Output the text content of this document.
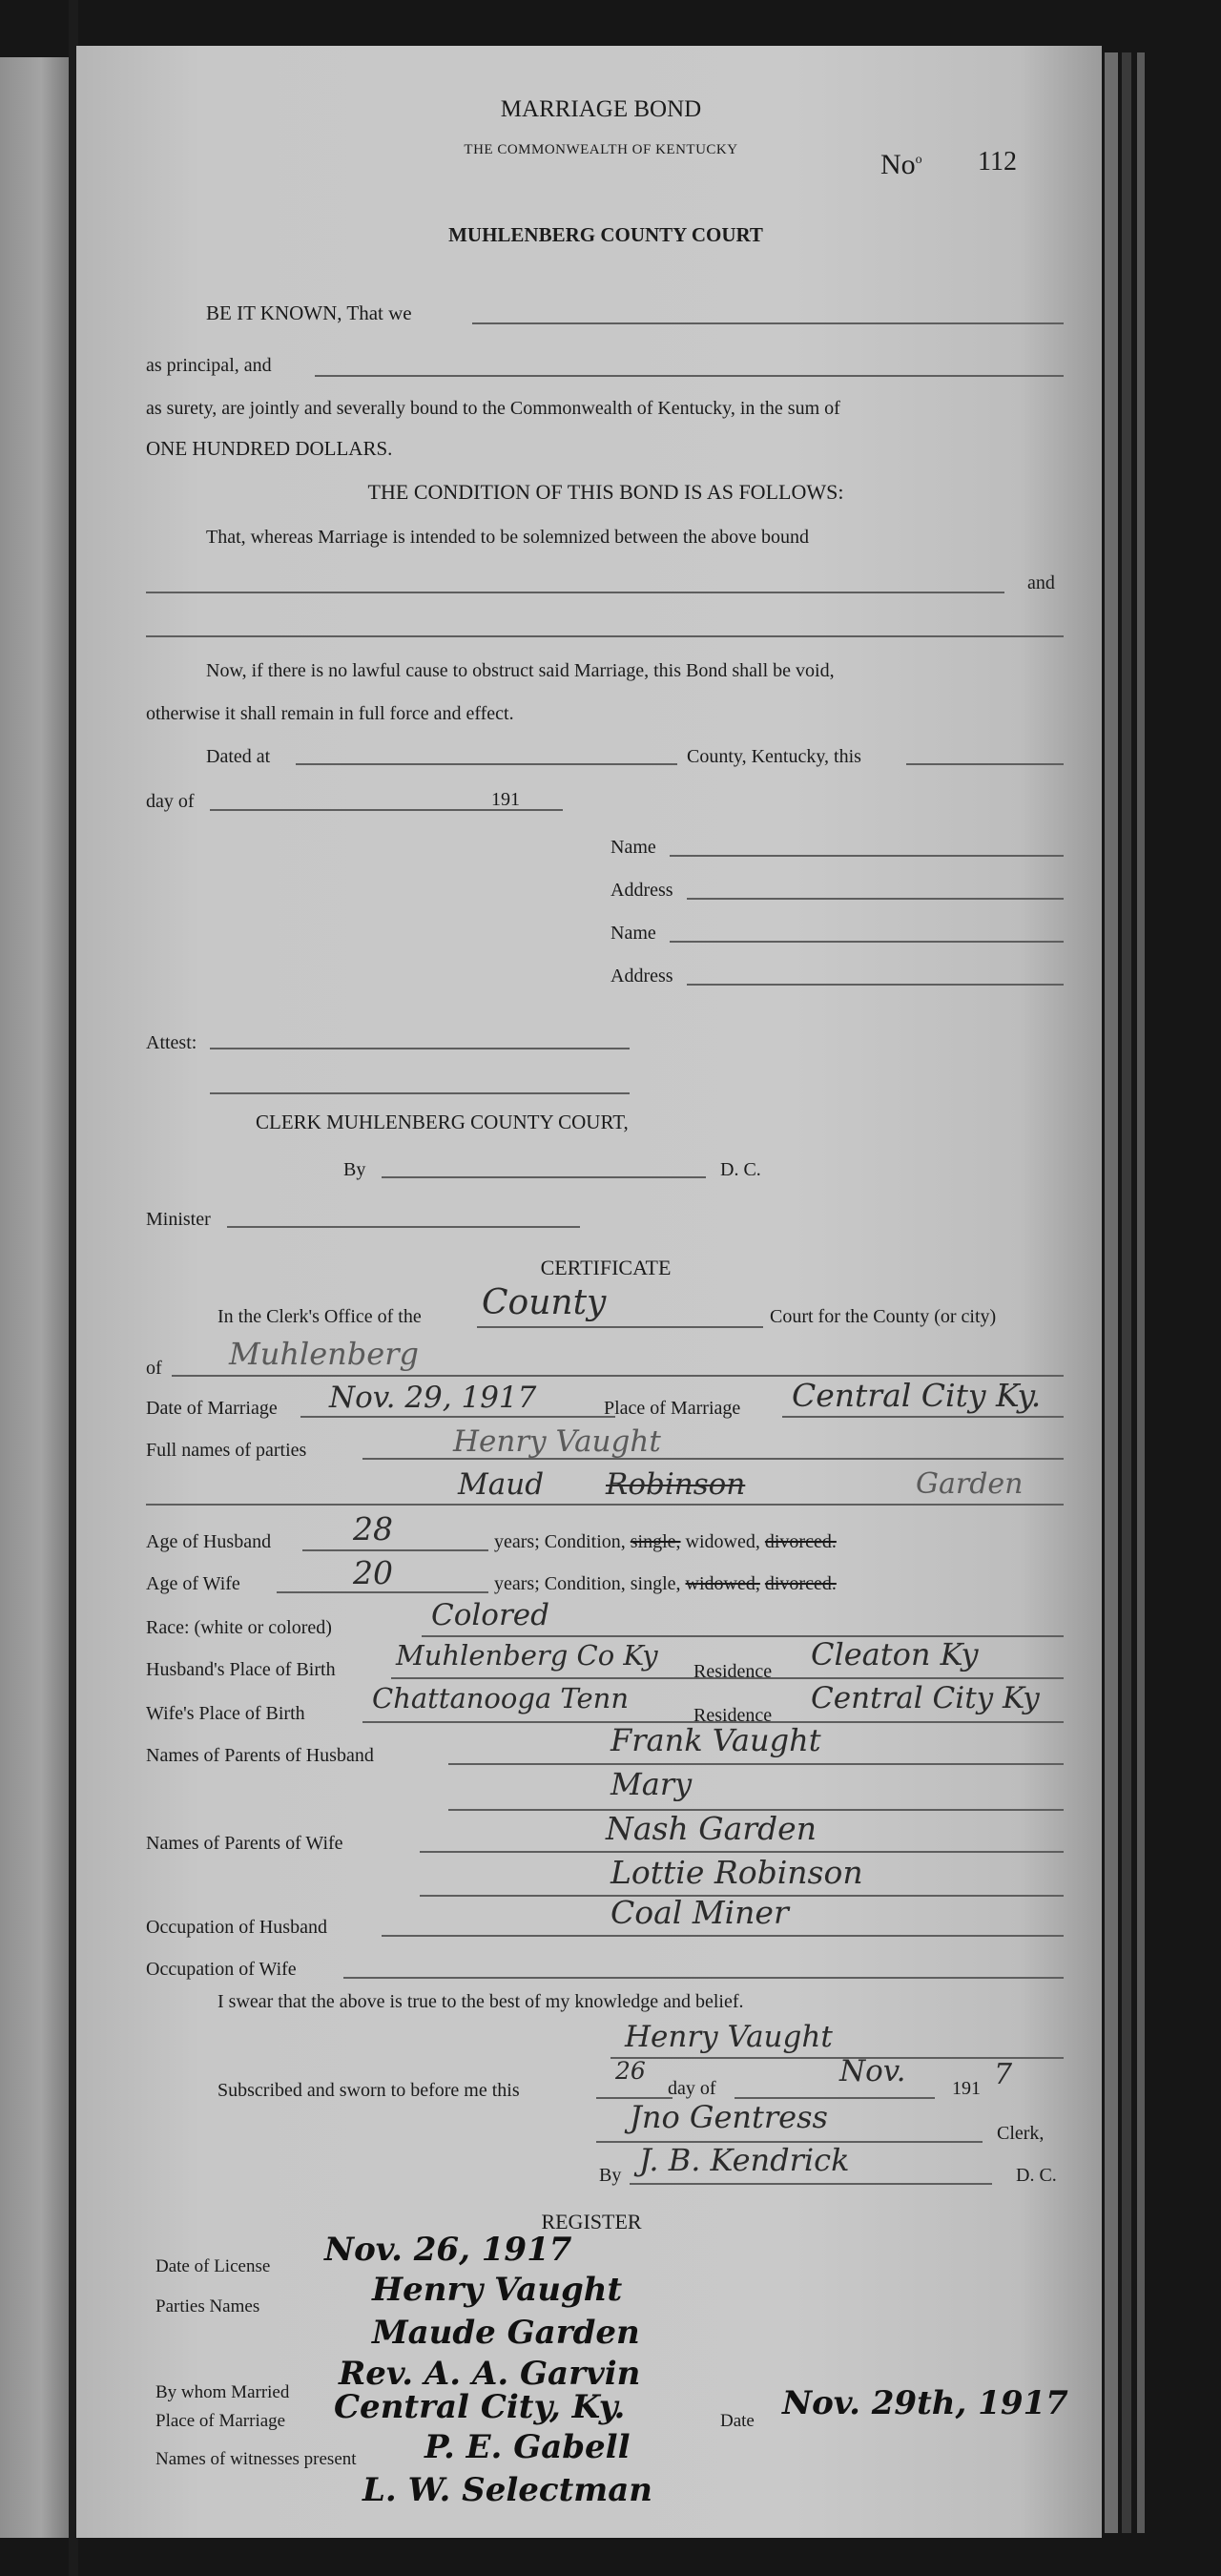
MARRIAGE BOND
THE COMMONWEALTH OF KENTUCKY	No$^o$ 112
MUHLENBERG COUNTY COURT
BE IT KNOWN, That we
as principal, and
as surety, are jointly and severally bound to the Commonwealth of Kentucky, in the sum of
ONE HUNDRED DOLLARS.
THE CONDITION OF THIS BOND IS AS FOLLOWS:
That, whereas Marriage is intended to be solemnized between the above bound
and
Now, if there is no lawful cause to obstruct said Marriage, this Bond shall be void,
otherwise it shall remain in full force and effect.
Dated at	County, Kentucky, this
day of	191
Name
Address
Name
Address
Attest:
CLERK MUHLENBERG COUNTY COURT,
By	D. C.
Minister
CERTIFICATE
In the Clerk's Office of the County	Court for the County (or city)
of Muhlenberg
Date of Marriage Nov. 29, 1917	Place of Marriage Central City Ky.
Full names of parties	Henry Vaught
Maud Robinson	Garden
Age of Husband	28	years; Condition, single, widowed, divorced.
Age of Wife	20	years; Condition, single, widowed, divorced.
Race: (white or colored)	Colored
Husband's Place of Birth Muhlenberg Co Ky Residence Cleaton Ky
Wife's Place of Birth Chattanooga Tenn
Residence Central City Ky
Names of Parents of Husband	Frank Vaught
Mary
Names of Parents of Wife	Nash Garden
Lottie Robinson
Occupation of Husband	Coal Miner
Occupation of Wife
I swear that the above is true to the best of my knowledge and belief.
Henry Vaught
Subscribed and sworn to before me this
26
day of	Nov. 191 7
Jno Gentress	Clerk,
By J. B. Kendrick	D. C.
REGISTER
Date of License Nov. 26, 1917
Parties Names	Henry Vaught
Maude Garden
By whom Married Rev. A. A. Garvin
Place of Marriage Central City, Ky.	Date Nov. 29th, 1917
Names of witnesses present P. E. Gabell
L. W. Selectman
